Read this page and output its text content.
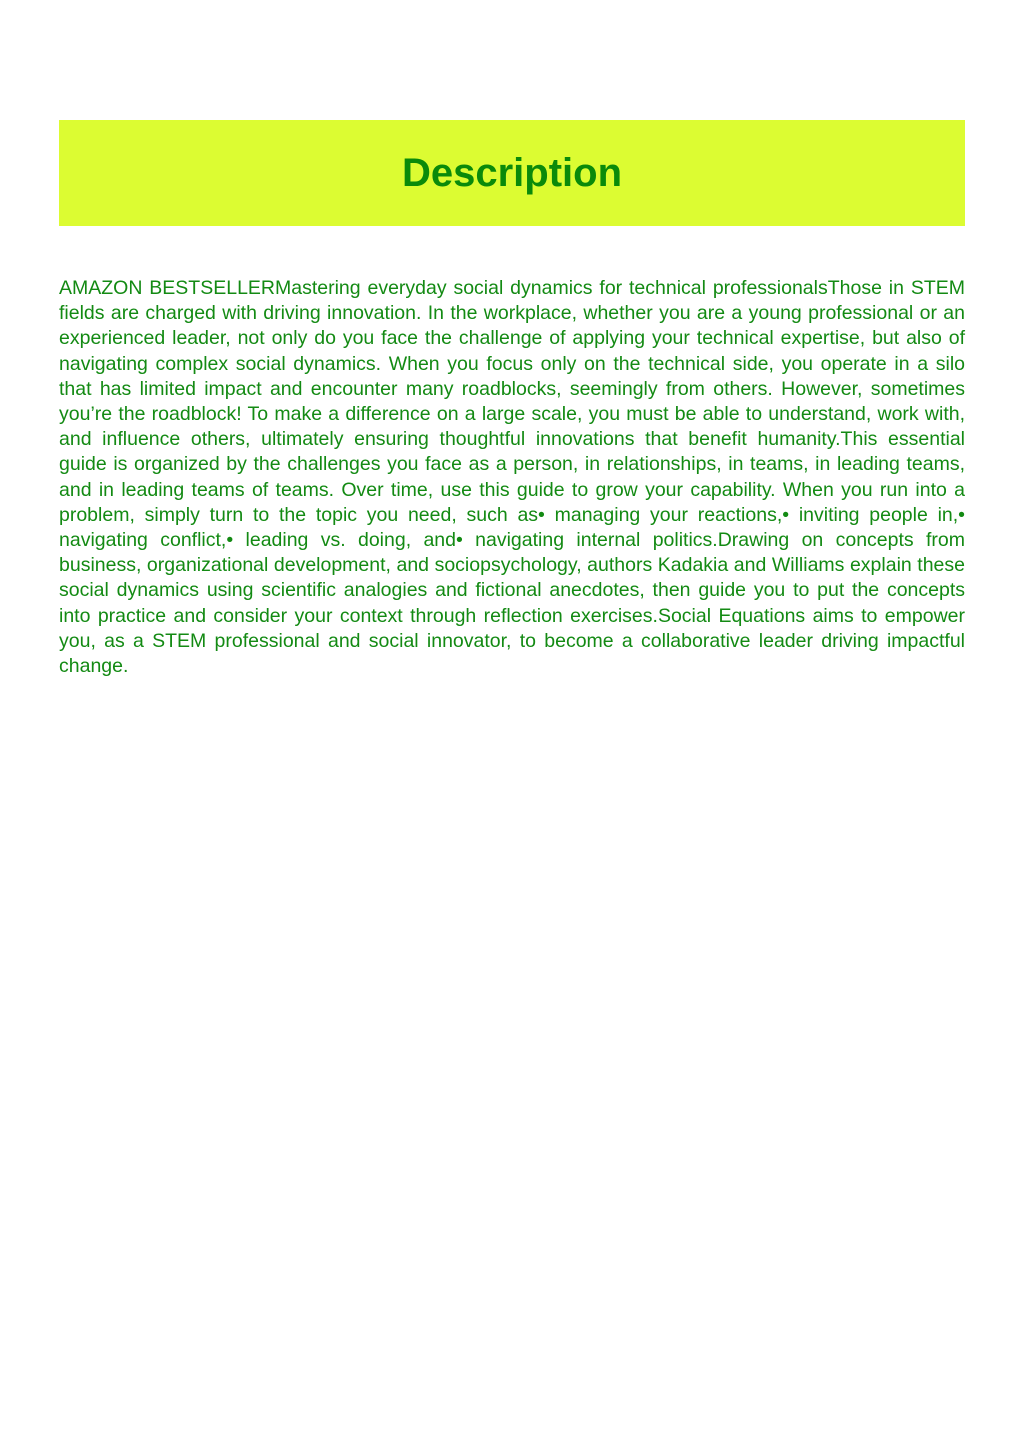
Description

AMAZON BESTSELLERMastering everyday social dynamics for technical professionalsThose in STEM fields are charged with driving innovation. In the workplace, whether you are a young professional or an experienced leader, not only do you face the challenge of applying your technical expertise, but also of navigating complex social dynamics. When you focus only on the technical side, you operate in a silo that has limited impact and encounter many roadblocks, seemingly from others. However, sometimes you’re the roadblock! To make a difference on a large scale, you must be able to understand, work with, and influence others, ultimately ensuring thoughtful innovations that benefit humanity.This essential guide is organized by the challenges you face as a person, in relationships, in teams, in leading teams, and in leading teams of teams. Over time, use this guide to grow your capability. When you run into a problem, simply turn to the topic you need, such as• managing your reactions,• inviting people in,• navigating conflict,• leading vs. doing, and• navigating internal politics.Drawing on concepts from business, organizational development, and sociopsychology, authors Kadakia and Williams explain these social dynamics using scientific analogies and fictional anecdotes, then guide you to put the concepts into practice and consider your context through reflection exercises.Social Equations aims to empower you, as a STEM professional and social innovator, to become a collaborative leader driving impactful change.
